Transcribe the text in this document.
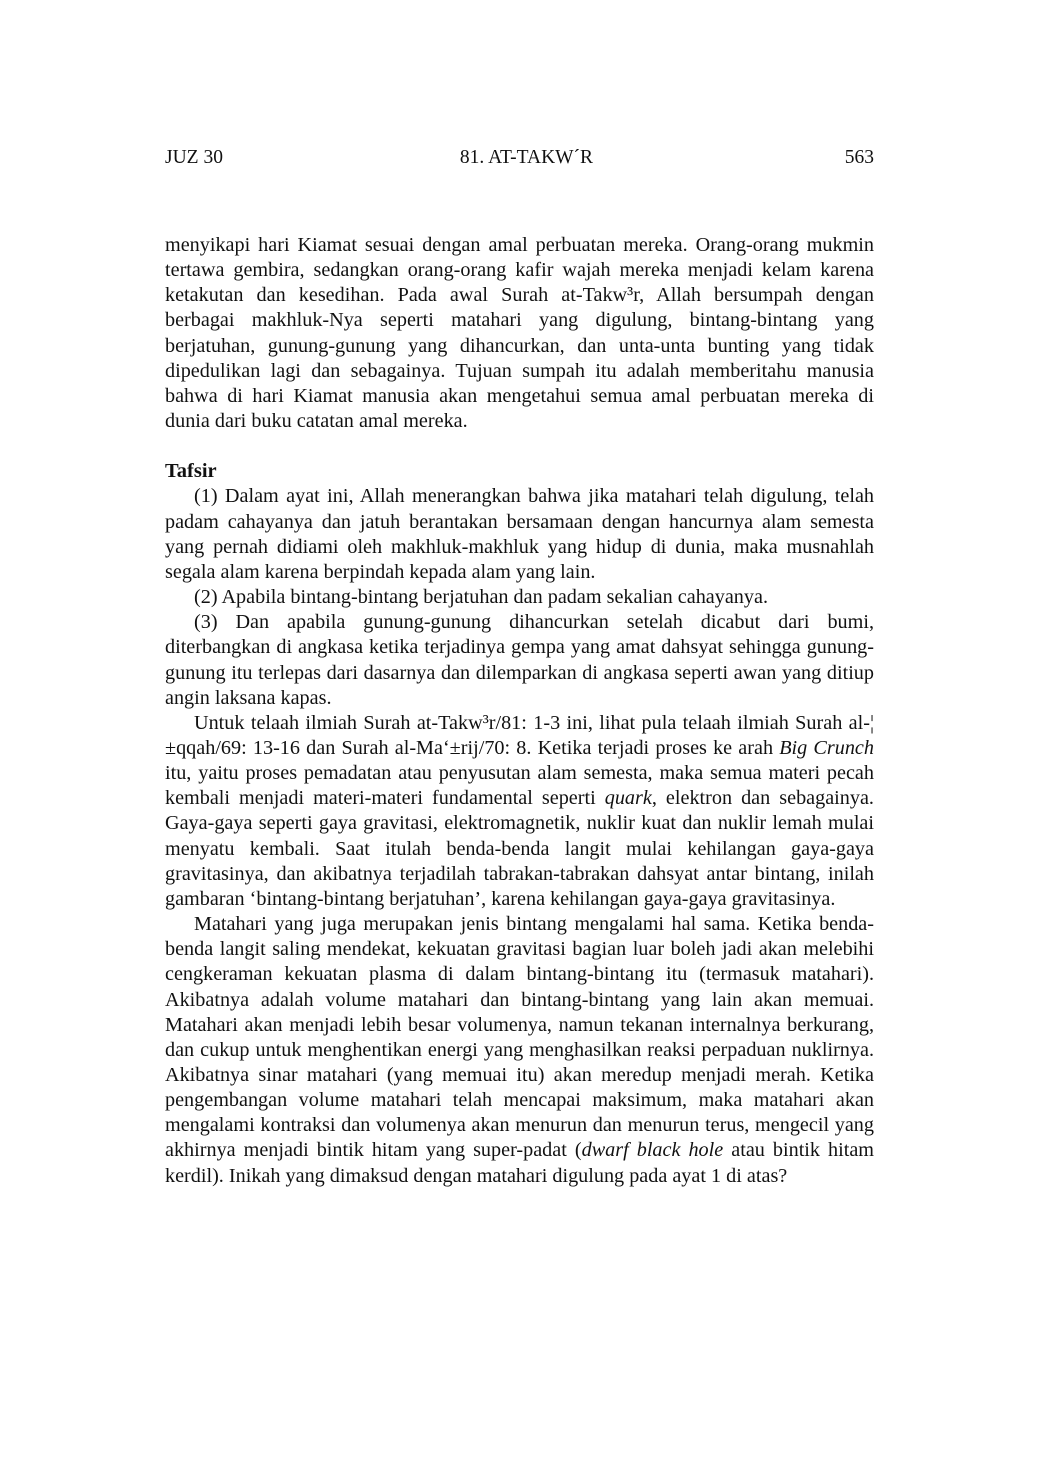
JUZ 30	81. AT-TAKW´R	563

menyikapi hari Kiamat sesuai dengan amal perbuatan mereka. Orang-orang mukmin tertawa gembira, sedangkan orang-orang kafir wajah mereka menjadi kelam karena ketakutan dan kesedihan. Pada awal Surah at-Takw³r, Allah bersumpah dengan berbagai makhluk-Nya seperti matahari yang digulung, bintang-bintang yang berjatuhan, gunung-gunung yang dihancurkan, dan unta-unta bunting yang tidak dipedulikan lagi dan sebagainya. Tujuan sumpah itu adalah memberitahu manusia bahwa di hari Kiamat manusia akan mengetahui semua amal perbuatan mereka di dunia dari buku catatan amal mereka.

Tafsir

(1) Dalam ayat ini, Allah menerangkan bahwa jika matahari telah digulung, telah padam cahayanya dan jatuh berantakan bersamaan dengan hancurnya alam semesta yang pernah didiami oleh makhluk-makhluk yang hidup di dunia, maka musnahlah segala alam karena berpindah kepada alam yang lain.

(2) Apabila bintang-bintang berjatuhan dan padam sekalian cahayanya.

(3) Dan apabila gunung-gunung dihancurkan setelah dicabut dari bumi, diterbangkan di angkasa ketika terjadinya gempa yang amat dahsyat sehingga gunung-gunung itu terlepas dari dasarnya dan dilemparkan di angkasa seperti awan yang ditiup angin laksana kapas.

Untuk telaah ilmiah Surah at-Takw³r/81: 1-3 ini, lihat pula telaah ilmiah Surah al-¦ ±qqah/69: 13-16 dan Surah al-Ma‘±rij/70: 8. Ketika terjadi proses ke arah Big Crunch itu, yaitu proses pemadatan atau penyusutan alam semesta, maka semua materi pecah kembali menjadi materi-materi fundamental seperti quark, elektron dan sebagainya. Gaya-gaya seperti gaya gravitasi, elektromagnetik, nuklir kuat dan nuklir lemah mulai menyatu kembali. Saat itulah benda-benda langit mulai kehilangan gaya-gaya gravitasinya, dan akibatnya terjadilah tabrakan-tabrakan dahsyat antar bintang, inilah gambaran ‘bintang-bintang berjatuhan’, karena kehilangan gaya-gaya gravitasinya.

Matahari yang juga merupakan jenis bintang mengalami hal sama. Ketika benda-benda langit saling mendekat, kekuatan gravitasi bagian luar boleh jadi akan melebihi cengkeraman kekuatan plasma di dalam bintang-bintang itu (termasuk matahari). Akibatnya adalah volume matahari dan bintang-bintang yang lain akan memuai. Matahari akan menjadi lebih besar volumenya, namun tekanan internalnya berkurang, dan cukup untuk menghentikan energi yang menghasilkan reaksi perpaduan nuklirnya. Akibatnya sinar matahari (yang memuai itu) akan meredup menjadi merah. Ketika pengembangan volume matahari telah mencapai maksimum, maka matahari akan mengalami kontraksi dan volumenya akan menurun dan menurun terus, mengecil yang akhirnya menjadi bintik hitam yang super-padat (dwarf black hole atau bintik hitam kerdil). Inikah yang dimaksud dengan matahari digulung pada ayat 1 di atas?
